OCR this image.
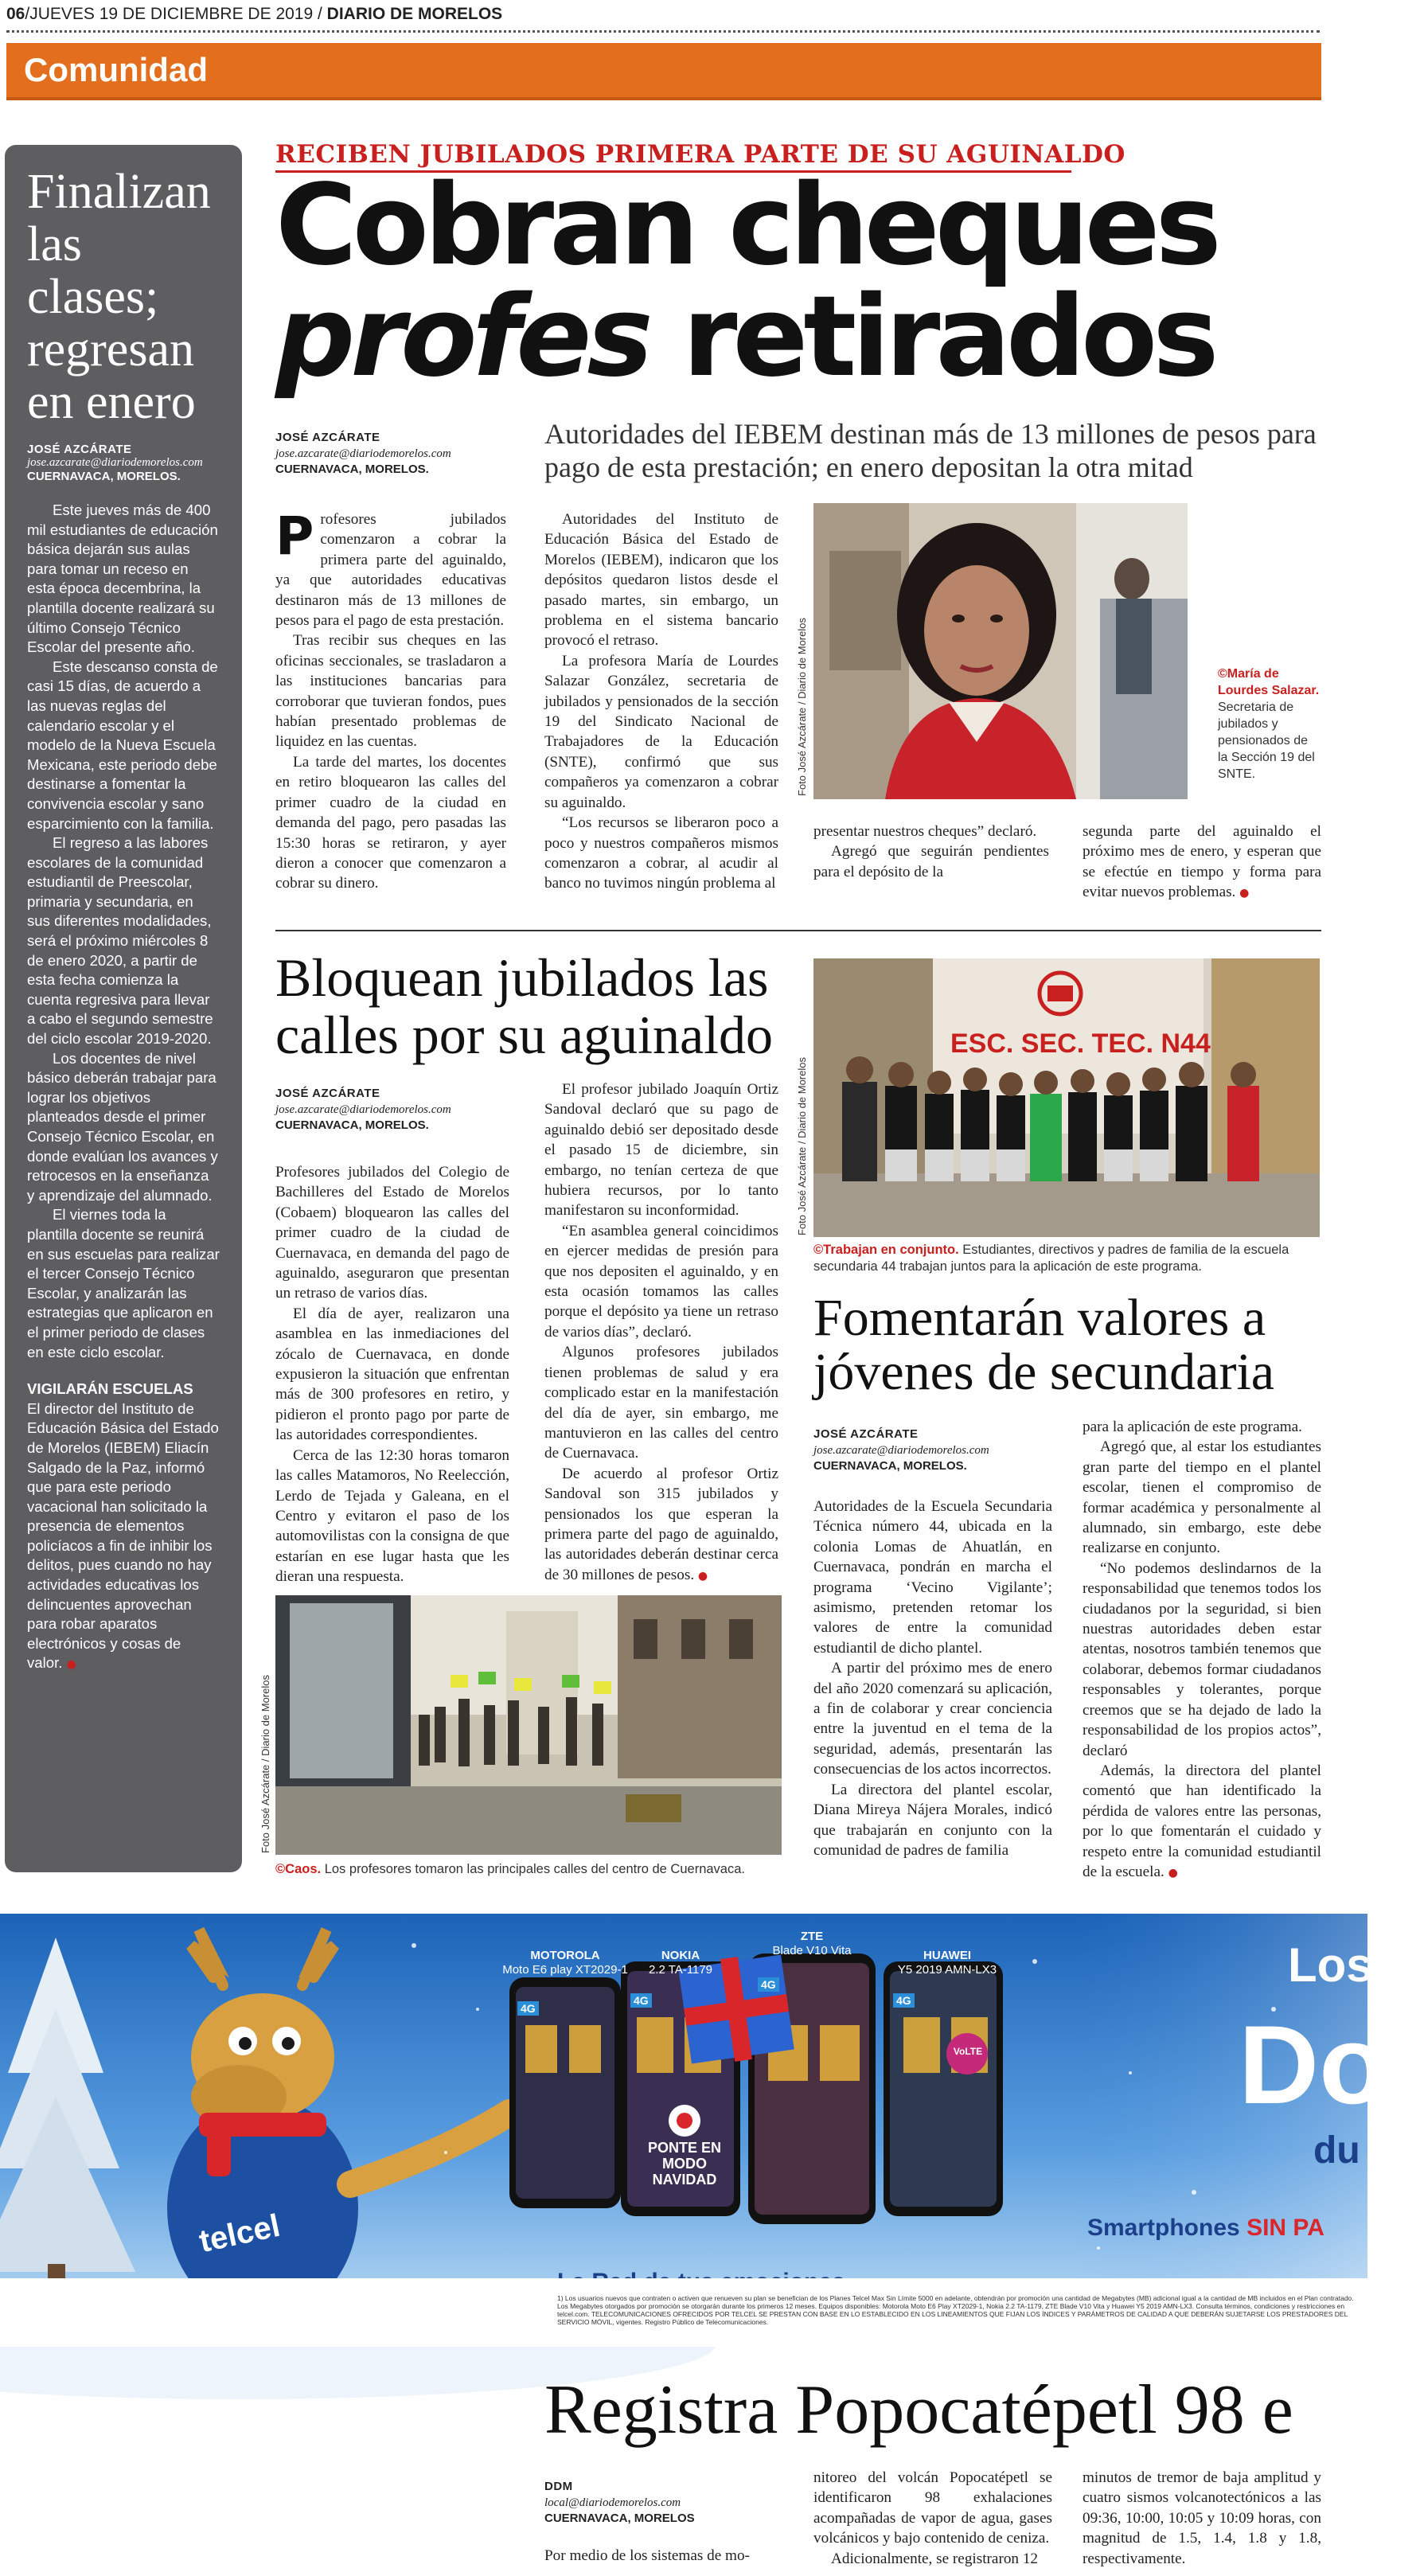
06/JUEVES 19 DE DICIEMBRE DE 2019 / DIARIO DE MORELOS
Comunidad
Finalizan las clases; regresan en enero
JOSÉ AZCÁRATE
jose.azcarate@diariodemorelos.com
CUERNAVACA, MORELOS.

Este jueves más de 400 mil estudiantes de educación básica dejarán sus aulas para tomar un receso en esta época decembrina, la plantilla docente realizará su último Consejo Técnico Escolar del presente año.

Este descanso consta de casi 15 días, de acuerdo a las nuevas reglas del calendario escolar y el modelo de la Nueva Escuela Mexicana, este periodo debe destinarse a fomentar la convivencia escolar y sano esparcimiento con la familia.

El regreso a las labores escolares de la comunidad estudiantil de Preescolar, primaria y secundaria, en sus diferentes modalidades, será el próximo miércoles 8 de enero 2020, a partir de esta fecha comienza la cuenta regresiva para llevar a cabo el segundo semestre del ciclo escolar 2019-2020.

Los docentes de nivel básico deberán trabajar para lograr los objetivos planteados desde el primer Consejo Técnico Escolar, en donde evalúan los avances y retrocesos en la enseñanza y aprendizaje del alumnado.

El viernes toda la plantilla docente se reunirá en sus escuelas para realizar el tercer Consejo Técnico Escolar, y analizarán las estrategias que aplicaron en el primer periodo de clases en este ciclo escolar.

VIGILARÁN ESCUELAS

El director del Instituto de Educación Básica del Estado de Morelos (IEBEM) Eliacín Salgado de la Paz, informó que para este periodo vacacional han solicitado la presencia de elementos policíacos a fin de inhibir los delitos, pues cuando no hay actividades educativas los delincuentes aprovechan para robar aparatos electrónicos y cosas de valor. ●

RECIBEN JUBILADOS PRIMERA PARTE DE SU AGUINALDO
Cobran cheques
profes retirados
JOSÉ AZCÁRATE
jose.azcarate@diariodemorelos.com
CUERNAVACA, MORELOS.
Autoridades del IEBEM destinan más de 13 millones de pesos para pago de esta prestación; en enero depositan la otra mitad
P rofesores jubilados comenzaron a cobrar la primera parte del aguinaldo, ya que autoridades educativas destinaron más de 13 millones de pesos para el pago de esta prestación.

Tras recibir sus cheques en las oficinas seccionales, se trasladaron a las instituciones bancarias para corroborar que tuvieran fondos, pues habían presentado problemas de liquidez en las cuentas.

La tarde del martes, los docentes en retiro bloquearon las calles del primer cuadro de la ciudad en demanda del pago, pero pasadas las 15:30 horas se retiraron, y ayer dieron a conocer que comenzaron a cobrar su dinero.

Autoridades del Instituto de Educación Básica del Estado de Morelos (IEBEM), indicaron que los depósitos quedaron listos desde el pasado martes, sin embargo, un problema en el sistema bancario provocó el retraso.

La profesora María de Lourdes Salazar González, secretaria de jubilados y pensionados de la sección 19 del Sindicato Nacional de Trabajadores de la Educación (SNTE), confirmó que sus compañeros ya comenzaron a cobrar su aguinaldo.

“Los recursos se liberaron poco a poco y nuestros compañeros mismos comenzaron a cobrar, al acudir al banco no tuvimos ningún problema al

Foto José Azcárate / Diario de Morelos	©María de Lourdes Salazar. Secretaria de jubilados y pensionados de la Sección 19 del SNTE.

presentar nuestros cheques” declaró.

Agregó que seguirán pendientes para el depósito de la

segunda parte del aguinaldo el próximo mes de enero, y esperan que se efectúe en tiempo y forma para evitar nuevos problemas. ●

Bloquean jubilados las calles por su aguinaldo
JOSÉ AZCÁRATE
jose.azcarate@diariodemorelos.com
CUERNAVACA, MORELOS.

Profesores jubilados del Colegio de Bachilleres del Estado de Morelos (Cobaem) bloquearon las calles del primer cuadro de la ciudad de Cuernavaca, en demanda del pago de aguinaldo, aseguraron que presentan un retraso de varios días.

El día de ayer, realizaron una asamblea en las inmediaciones del zócalo de Cuernavaca, en donde expusieron la situación que enfrentan más de 300 profesores en retiro, y pidieron el pronto pago por parte de las autoridades correspondientes.

Cerca de las 12:30 horas tomaron las calles Matamoros, No Reelección, Lerdo de Tejada y Galeana, en el Centro y evitaron el paso de los automovilistas con la consigna de que estarían en ese lugar hasta que les dieran una respuesta.

El profesor jubilado Joaquín Ortiz Sandoval declaró que su pago de aguinaldo debió ser depositado desde el pasado 15 de diciembre, sin embargo, no tenían certeza de que hubiera recursos, por lo tanto manifestaron su inconformidad.

“En asamblea general coincidimos en ejercer medidas de presión para que nos depositen el aguinaldo, y en esta ocasión tomamos las calles porque el depósito ya tiene un retraso de varios días”, declaró.

Algunos profesores jubilados tienen problemas de salud y era complicado estar en la manifestación del día de ayer, sin embargo, me mantuvieron en las calles del centro de Cuernavaca.

De acuerdo al profesor Ortiz Sandoval son 315 jubilados y pensionados los que esperan la primera parte del pago de aguinaldo, las autoridades deberán destinar cerca de 30 millones de pesos. ●

Foto José Azcárate / Diario de Morelos
©Caos. Los profesores tomaron las principales calles del centro de Cuernavaca.
ESC. SEC. TEC. N44
Foto José Azcárate / Diario de Morelos
©Trabajan en conjunto. Estudiantes, directivos y padres de familia de la escuela secundaria 44 trabajan juntos para la aplicación de este programa.
Fomentarán valores a jóvenes de secundaria
JOSÉ AZCÁRATE
jose.azcarate@diariodemorelos.com
CUERNAVACA, MORELOS.

Autoridades de la Escuela Secundaria Técnica número 44, ubicada en la colonia Lomas de Ahuatlán, en Cuernavaca, pondrán en marcha el programa ‘Vecino Vigilante’; asimismo, pretenden retomar los valores de entre la comunidad estudiantil de dicho plantel.

A partir del próximo mes de enero del año 2020 comenzará su aplicación, a fin de colaborar y crear conciencia entre la juventud en el tema de la seguridad, además, presentarán las consecuencias de los actos incorrectos.

La directora del plantel escolar, Diana Mireya Nájera Morales, indicó que trabajarán en conjunto con la comunidad de padres de familia

para la aplicación de este programa.

Agregó que, al estar los estudiantes gran parte del tiempo en el plantel escolar, tienen el compromiso de formar académica y personalmente al alumnado, sin embargo, este debe realizarse en conjunto.

“No podemos deslindarnos de la responsabilidad que tenemos todos los ciudadanos por la seguridad, si bien nuestras autoridades deben estar atentas, nosotros también tenemos que colaborar, debemos formar ciudadanos responsables y tolerantes, porque creemos que se ha dejado de lado la responsabilidad de los propios actos”, declaró

Además, la directora del plantel comentó que han identificado la pérdida de valores entre las personas, por lo que fomentarán el cuidado y respeto entre la comunidad estudiantil de la escuela. ●

MOTOROLA
Moto E6 play XT2029-1
NOKIA
2.2 TA-1179
ZTE
Blade V10 Vita	HUAWEI
Y5 2019 AMN-LX3
4G
4G
4G
4G
VoLTE
PONTE EN MODO NAVIDAD
telcel
Los
Do
du
Smartphones SIN PA
1) Los usuarios nuevos que contraten o activen que renueven su plan se benefician de los Planes Telcel Max Sin Límite 5000 en adelante, obtendrán por promoción una cantidad de Megabytes (MB) adicional igual a la cantidad de MB incluidos en el Plan contratado. Los Megabytes otorgados por promoción se otorgarán durante los primeros 12 meses. Equipos disponibles: Motorola Moto E6 Play XT2029-1, Nokia 2.2 TA-1179, ZTE Blade V10 Vita y Huawei Y5 2019 AMN-LX3. Consulta términos, condiciones y restricciones en telcel.com. TELECOMUNICACIONES OFRECIDOS POR TELCEL SE PRESTAN CON BASE EN LO ESTABLECIDO EN LOS LINEAMIENTOS QUE FIJAN LOS ÍNDICES Y PARÁMETROS DE CALIDAD A QUE DEBERÁN SUJETARSE LOS PRESTADORES DEL SERVICIO MÓVIL, vigentes. Registro Público de Telecomunicaciones.
Registra Popocatépetl 98 e
DDM
local@diariodemorelos.com
CUERNAVACA, MORELOS

Por medio de los sistemas de mo-

nitoreo del volcán Popocatépetl se identificaron 98 exhalaciones acompañadas de vapor de agua, gases volcánicos y bajo contenido de ceniza.

Adicionalmente, se registraron 12

minutos de tremor de baja amplitud y cuatro sismos volcanotectónicos a las 09:36, 10:00, 10:05 y 10:09 horas, con magnitud de 1.5, 1.4, 1.8 y 1.8, respectivamente.
